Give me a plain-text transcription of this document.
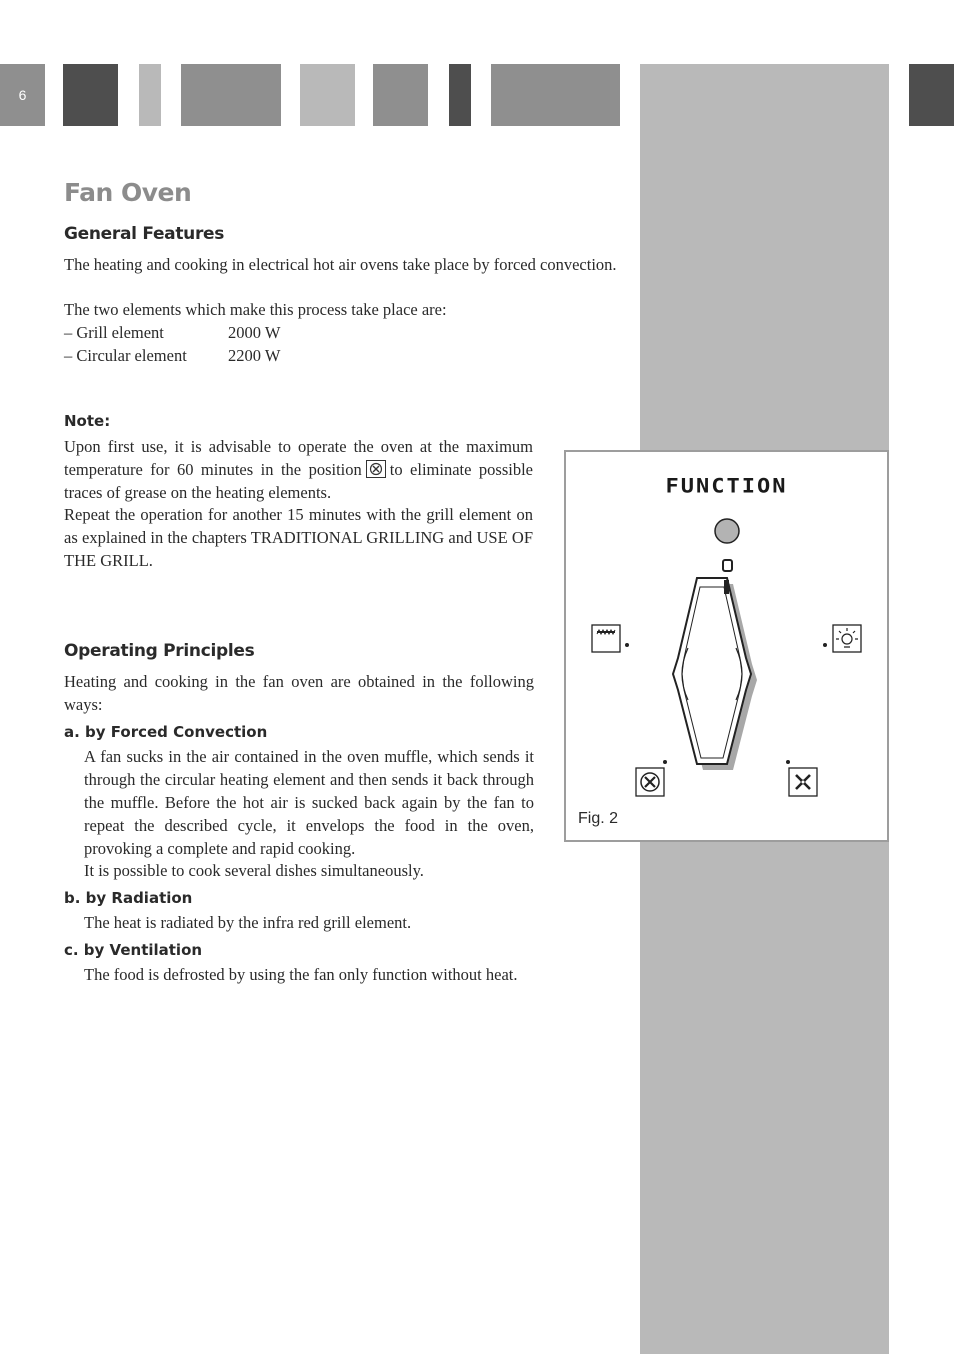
6
Fan Oven
General Features

The heating and cooking in electrical hot air ovens take place by forced convection.

The two elements which make this process take place are:

– Grill element	2000 W
– Circular element 2200 W
Note:

Upon first use, it is advisable to operate the oven at the maximum temperature for 60 minutes in the position to eliminate possible traces of grease on the heating elements.

Repeat the operation for another 15 minutes with the grill element on as explained in the chapters TRADITIONAL GRILLING and USE OF THE GRILL.

Operating Principles

Heating and cooking in the fan oven are obtained in the following ways:

a. by Forced Convection

A fan sucks in the air contained in the oven muffle, which sends it through the circular heating element and then sends it back through the muffle. Before the hot air is sucked back again by the fan to repeat the described cycle, it envelops the food in the oven, provoking a complete and rapid cooking.

It is possible to cook several dishes simultaneously.

b. by Radiation

The heat is radiated by the infra red grill element.

c. by Ventilation

The food is defrosted by using the fan only function without heat.

FUNCTION
Fig. 2
